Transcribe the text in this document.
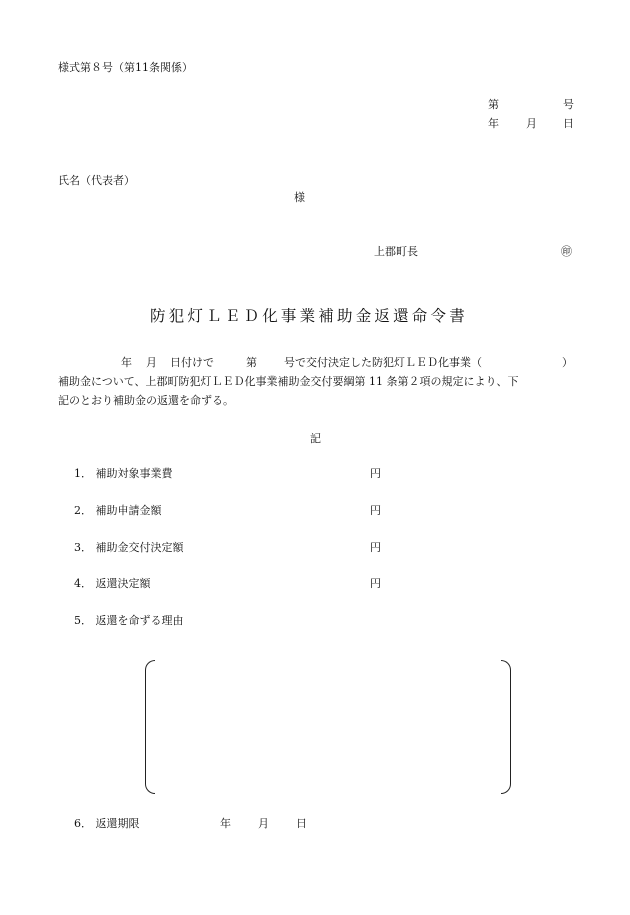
様式第８号（第11条関係）
第	号
年 月 日
氏名（代表者）
様
上郡町長	㊞
防犯灯ＬＥＤ化事業補助金返還命令書
年 月 日付けで	第 号で交付決定した防犯灯ＬＥＤ化事業（	）
補助金について、上郡町防犯灯ＬＥＤ化事業補助金交付要綱第 11 条第２項の規定により、下
記のとおり補助金の返還を命ずる。
記
1． 補助対象事業費	円
2． 補助申請金額	円
3． 補助金交付決定額	円
4． 返還決定額	円
5． 返還を命ずる理由
6． 返還期限	年 月 日
